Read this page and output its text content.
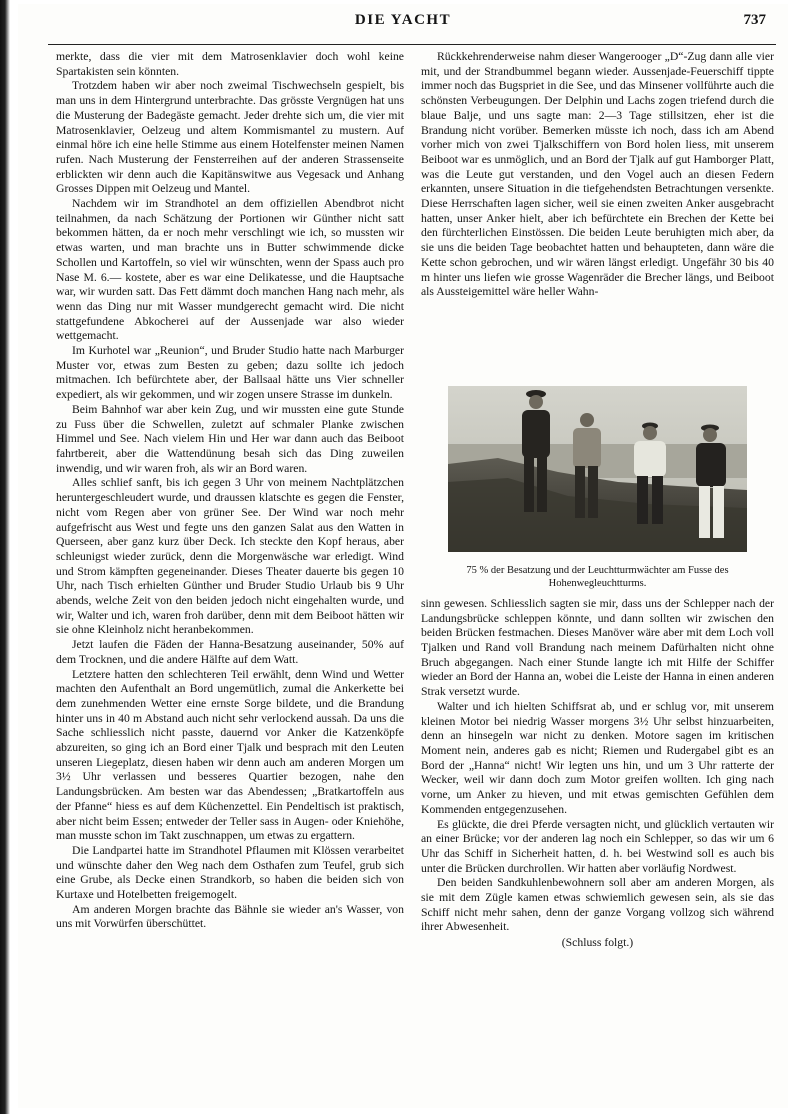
DIE YACHT	737

merkte, dass die vier mit dem Matrosenklavier doch wohl keine Spartakisten sein könnten.

Trotzdem haben wir aber noch zweimal Tischwechseln gespielt, bis man uns in dem Hintergrund unterbrachte. Das grösste Vergnügen hat uns die Musterung der Badegäste gemacht. Jeder drehte sich um, die vier mit Matrosenklavier, Oelzeug und altem Kommismantel zu mustern. Auf einmal höre ich eine helle Stimme aus einem Hotelfenster meinen Namen rufen. Nach Musterung der Fensterreihen auf der anderen Strassenseite erblickten wir denn auch die Kapitänswitwe aus Vegesack und Anhang Grosses Dippen mit Oelzeug und Mantel.

Nachdem wir im Strandhotel an dem offiziellen Abendbrot nicht teilnahmen, da nach Schätzung der Portionen wir Günther nicht satt bekommen hätten, da er noch mehr verschlingt wie ich, so mussten wir etwas warten, und man brachte uns in Butter schwimmende dicke Schollen und Kartoffeln, so viel wir wünschten, wenn der Spass auch pro Nase M. 6.— kostete, aber es war eine Delikatesse, und die Hauptsache war, wir wurden satt. Das Fett dämmt doch manchen Hang nach mehr, als wenn das Ding nur mit Wasser mundgerecht gemacht wird. Die nicht stattgefundene Abkocherei auf der Aussenjade war also wieder wettgemacht.

Im Kurhotel war „Reunion“, und Bruder Studio hatte nach Marburger Muster vor, etwas zum Besten zu geben; dazu sollte ich jedoch mitmachen. Ich befürchtete aber, der Ballsaal hätte uns Vier schneller expediert, als wir gekommen, und wir zogen unsere Strasse im dunkeln.

Beim Bahnhof war aber kein Zug, und wir mussten eine gute Stunde zu Fuss über die Schwellen, zuletzt auf schmaler Planke zwischen Himmel und See. Nach vielem Hin und Her war dann auch das Beiboot fahrtbereit, aber die Wattendünung besah sich das Ding zuweilen inwendig, und wir waren froh, als wir an Bord waren.

Alles schlief sanft, bis ich gegen 3 Uhr von meinem Nachtplätzchen heruntergeschleudert wurde, und draussen klatschte es gegen die Fenster, nicht vom Regen aber von grüner See. Der Wind war noch mehr aufgefrischt aus West und fegte uns den ganzen Salat aus den Watten in Querseen, aber ganz kurz über Deck. Ich steckte den Kopf heraus, aber schleunigst wieder zurück, denn die Morgenwäsche war erledigt. Wind und Strom kämpften gegeneinander. Dieses Theater dauerte bis gegen 10 Uhr, nach Tisch erhielten Günther und Bruder Studio Urlaub bis 9 Uhr abends, welche Zeit von den beiden jedoch nicht eingehalten wurde, und wir, Walter und ich, waren froh darüber, denn mit dem Beiboot hätten wir sie ohne Kleinholz nicht heranbekommen.

Jetzt laufen die Fäden der Hanna-Besatzung auseinander, 50% auf dem Trocknen, und die andere Hälfte auf dem Watt.

Letztere hatten den schlechteren Teil erwählt, denn Wind und Wetter machten den Aufenthalt an Bord ungemütlich, zumal die Ankerkette bei dem zunehmenden Wetter eine ernste Sorge bildete, und die Brandung hinter uns in 40 m Abstand auch nicht sehr verlockend aussah. Da uns die Sache schliesslich nicht passte, dauernd vor Anker die Katzenköpfe abzureiten, so ging ich an Bord einer Tjalk und besprach mit den Leuten unseren Liegeplatz, diesen haben wir denn auch am anderen Morgen um 3½ Uhr verlassen und besseres Quartier bezogen, nahe den Landungsbrücken. Am besten war das Abendessen; „Bratkartoffeln aus der Pfanne“ hiess es auf dem Küchenzettel. Ein Pendeltisch ist praktisch, aber nicht beim Essen; entweder der Teller sass in Augen- oder Kniehöhe, man musste schon im Takt zuschnappen, um etwas zu ergattern.

Die Landpartei hatte im Strandhotel Pflaumen mit Klössen verarbeitet und wünschte daher den Weg nach dem Osthafen zum Teufel, grub sich eine Grube, als Decke einen Strandkorb, so haben die beiden sich von Kurtaxe und Hotelbetten freigemogelt.

Am anderen Morgen brachte das Bähnle sie wieder an's Wasser, von uns mit Vorwürfen überschüttet.

Rückkehrenderweise nahm dieser Wangerooger „D“-Zug dann alle vier mit, und der Strandbummel begann wieder. Aussenjade-Feuerschiff tippte immer noch das Bugspriet in die See, und das Minsener vollführte auch die schönsten Verbeugungen. Der Delphin und Lachs zogen triefend durch die blaue Balje, und uns sagte man: 2—3 Tage stillsitzen, eher ist die Brandung nicht vorüber. Bemerken müsste ich noch, dass ich am Abend vorher mich von zwei Tjalkschiffern von Bord holen liess, mit unserem Beiboot war es unmöglich, und an Bord der Tjalk auf gut Hamborger Platt, was die Leute gut verstanden, und den Vogel auch an diesen Federn erkannten, unsere Situation in die tiefgehendsten Betrachtungen versenkte. Diese Herrschaften lagen sicher, weil sie einen zweiten Anker ausgebracht hatten, unser Anker hielt, aber ich befürchtete ein Brechen der Kette bei den fürchterlichen Einstössen. Die beiden Leute beruhigten mich aber, da sie uns die beiden Tage beobachtet hatten und behaupteten, dann wäre die Kette schon gebrochen, und wir wären längst erledigt. Ungefähr 30 bis 40 m hinter uns liefen wie grosse Wagenräder die Brecher längs, und Beiboot als Aussteigemittel wäre heller Wahn-

75 % der Besatzung und der Leuchtturmwächter am Fusse des
Hohenwegleuchtturms.

sinn gewesen. Schliesslich sagten sie mir, dass uns der Schlepper nach der Landungsbrücke schleppen könnte, und dann sollten wir zwischen den beiden Brücken festmachen. Dieses Manöver wäre aber mit dem Loch voll Tjalken und Rand voll Brandung nach meinem Dafürhalten nicht ohne Bruch abgegangen. Nach einer Stunde langte ich mit Hilfe der Schiffer wieder an Bord der Hanna an, wobei die Leiste der Hanna in einen anderen Strak versetzt wurde.

Walter und ich hielten Schiffsrat ab, und er schlug vor, mit unserem kleinen Motor bei niedrig Wasser morgens 3½ Uhr selbst hinzuarbeiten, denn an hinsegeln war nicht zu denken. Motore sagen im kritischen Moment nein, anderes gab es nicht; Riemen und Rudergabel gibt es an Bord der „Hanna“ nicht! Wir legten uns hin, und um 3 Uhr ratterte der Wecker, weil wir dann doch zum Motor greifen wollten. Ich ging nach vorne, um Anker zu hieven, und mit etwas gemischten Gefühlen dem Kommenden entgegenzusehen.

Es glückte, die drei Pferde versagten nicht, und glücklich vertauten wir an einer Brücke; vor der anderen lag noch ein Schlepper, so das wir um 6 Uhr das Schiff in Sicherheit hatten, d. h. bei Westwind soll es auch bis unter die Brücken durchrollen. Wir hatten aber vorläufig Nordwest.

Den beiden Sandkuhlenbewohnern soll aber am anderen Morgen, als sie mit dem Zügle kamen etwas schwiemlich gewesen sein, als sie das Schiff nicht mehr sahen, denn der ganze Vorgang vollzog sich während ihrer Abwesenheit.

(Schluss folgt.)
